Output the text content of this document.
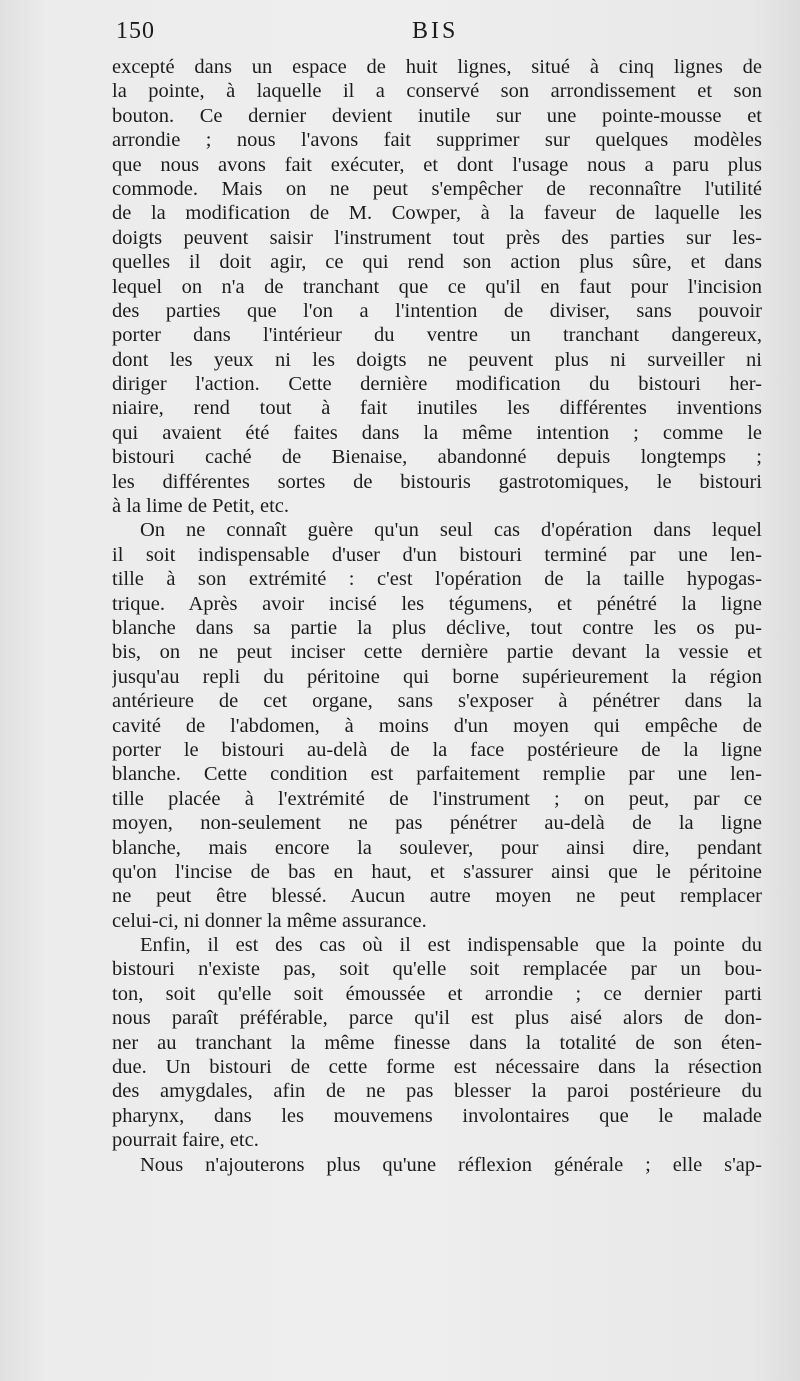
150	BIS
excepté dans un espace de huit lignes, situé à cinq lignes de
la pointe, à laquelle il a conservé son arrondissement et son
bouton. Ce dernier devient inutile sur une pointe-mousse et
arrondie ; nous l'avons fait supprimer sur quelques modèles
que nous avons fait exécuter, et dont l'usage nous a paru plus
commode. Mais on ne peut s'empêcher de reconnaître l'utilité
de la modification de M. Cowper, à la faveur de laquelle les
doigts peuvent saisir l'instrument tout près des parties sur les-
quelles il doit agir, ce qui rend son action plus sûre, et dans
lequel on n'a de tranchant que ce qu'il en faut pour l'incision
des parties que l'on a l'intention de diviser, sans pouvoir
porter dans l'intérieur du ventre un tranchant dangereux,
dont les yeux ni les doigts ne peuvent plus ni surveiller ni
diriger l'action. Cette dernière modification du bistouri her-
niaire, rend tout à fait inutiles les différentes inventions
qui avaient été faites dans la même intention ; comme le
bistouri caché de Bienaise, abandonné depuis longtemps ;
les différentes sortes de bistouris gastrotomiques, le bistouri
à la lime de Petit, etc.
On ne connaît guère qu'un seul cas d'opération dans lequel
il soit indispensable d'user d'un bistouri terminé par une len-
tille à son extrémité : c'est l'opération de la taille hypogas-
trique. Après avoir incisé les tégumens, et pénétré la ligne
blanche dans sa partie la plus déclive, tout contre les os pu-
bis, on ne peut inciser cette dernière partie devant la vessie et
jusqu'au repli du péritoine qui borne supérieurement la région
antérieure de cet organe, sans s'exposer à pénétrer dans la
cavité de l'abdomen, à moins d'un moyen qui empêche de
porter le bistouri au-delà de la face postérieure de la ligne
blanche. Cette condition est parfaitement remplie par une len-
tille placée à l'extrémité de l'instrument ; on peut, par ce
moyen, non-seulement ne pas pénétrer au-delà de la ligne
blanche, mais encore la soulever, pour ainsi dire, pendant
qu'on l'incise de bas en haut, et s'assurer ainsi que le péritoine
ne peut être blessé. Aucun autre moyen ne peut remplacer
celui-ci, ni donner la même assurance.
Enfin, il est des cas où il est indispensable que la pointe du
bistouri n'existe pas, soit qu'elle soit remplacée par un bou-
ton, soit qu'elle soit émoussée et arrondie ; ce dernier parti
nous paraît préférable, parce qu'il est plus aisé alors de don-
ner au tranchant la même finesse dans la totalité de son éten-
due. Un bistouri de cette forme est nécessaire dans la résection
des amygdales, afin de ne pas blesser la paroi postérieure du
pharynx, dans les mouvemens involontaires que le malade
pourrait faire, etc.
Nous n'ajouterons plus qu'une réflexion générale ; elle s'ap-
